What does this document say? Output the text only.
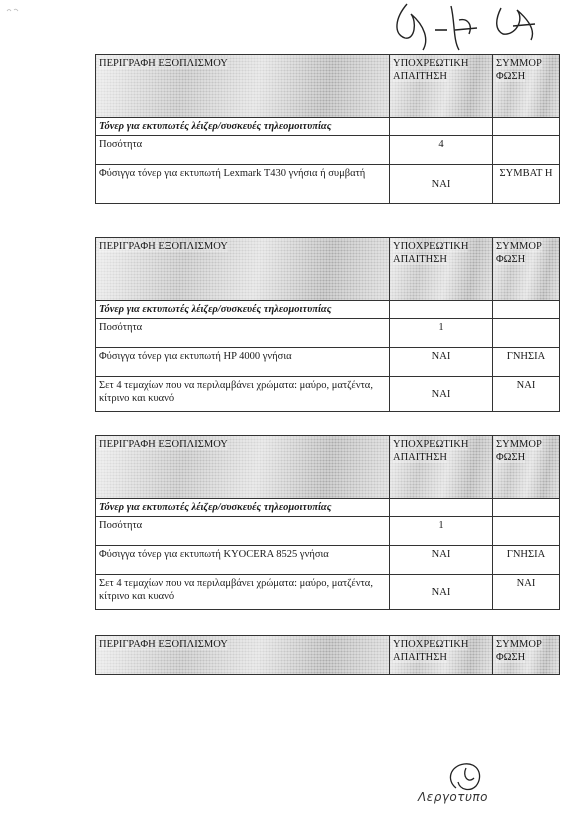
ΠΕΡΙΓΡΑΦΗ ΕΞΟΠΛΙΣΜΟΥ	ΥΠΟΧΡΕΩΤΙΚΗ ΑΠΑΙΤΗΣΗ	ΣΥΜΜΟΡ ΦΩΣΗ
Τόνερ για εκτυπωτές λέιζερ/συσκευές τηλεομοιτυπίας		
Ποσότητα	4	
Φύσιγγα τόνερ για εκτυπωτή Lexmark T430 γνήσια ή συμβατή	ΝΑΙ	ΣΥΜΒΑΤ Η
ΠΕΡΙΓΡΑΦΗ ΕΞΟΠΛΙΣΜΟΥ	ΥΠΟΧΡΕΩΤΙΚΗ ΑΠΑΙΤΗΣΗ	ΣΥΜΜΟΡ ΦΩΣΗ
Τόνερ για εκτυπωτές λέιζερ/συσκευές τηλεομοιτυπίας		
Ποσότητα	1	
Φύσιγγα τόνερ για εκτυπωτή HP 4000 γνήσια	ΝΑΙ	ΓΝΗΣΙΑ
Σετ 4 τεμαχίων που να περιλαμβάνει χρώματα: μαύρο, ματζέντα, κίτρινο και κυανό	ΝΑΙ	ΝΑΙ
ΠΕΡΙΓΡΑΦΗ ΕΞΟΠΛΙΣΜΟΥ	ΥΠΟΧΡΕΩΤΙΚΗ ΑΠΑΙΤΗΣΗ	ΣΥΜΜΟΡ ΦΩΣΗ
Τόνερ για εκτυπωτές λέιζερ/συσκευές τηλεομοιτυπίας		
Ποσότητα	1	
Φύσιγγα τόνερ για εκτυπωτή KYOCERA 8525 γνήσια	ΝΑΙ	ΓΝΗΣΙΑ
Σετ 4 τεμαχίων που να περιλαμβάνει χρώματα: μαύρο, ματζέντα, κίτρινο και κυανό	ΝΑΙ	ΝΑΙ
ΠΕΡΙΓΡΑΦΗ ΕΞΟΠΛΙΣΜΟΥ	ΥΠΟΧΡΕΩΤΙΚΗ ΑΠΑΙΤΗΣΗ	ΣΥΜΜΟΡ ΦΩΣΗ
Λεργοτυπο
